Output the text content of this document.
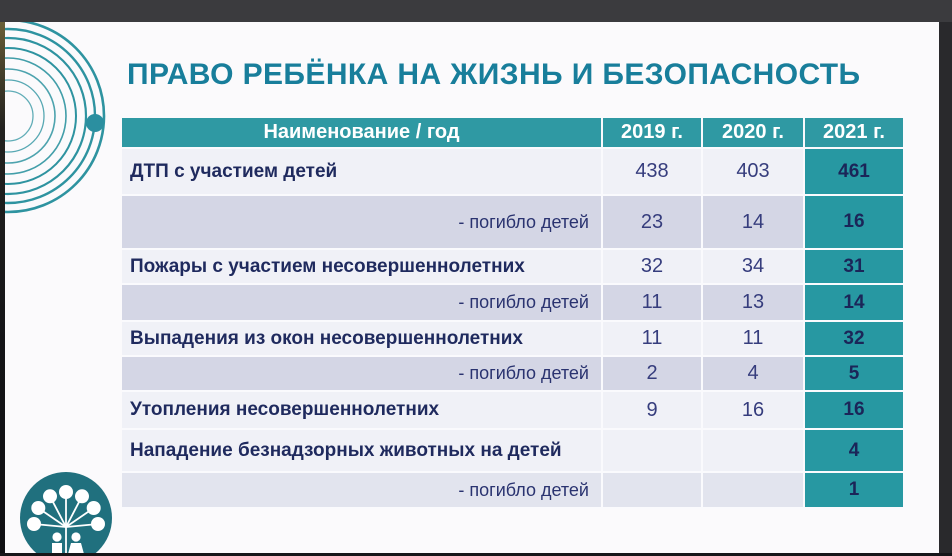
ПРАВО РЕБЁНКА НА ЖИЗНЬ И БЕЗОПАСНОСТЬ
Наименование / год	2019 г.	2020 г.	2021 г.
ДТП с участием детей	438	403	461
- погибло детей	23	14	16
Пожары с участием несовершеннолетних	32	34	31
- погибло детей	11	13	14
Выпадения из окон несовершеннолетних	11	11	32
- погибло детей	2	4	5
Утопления несовершеннолетних	9	16	16
Нападение безнадзорных животных на детей			4
- погибло детей			1
